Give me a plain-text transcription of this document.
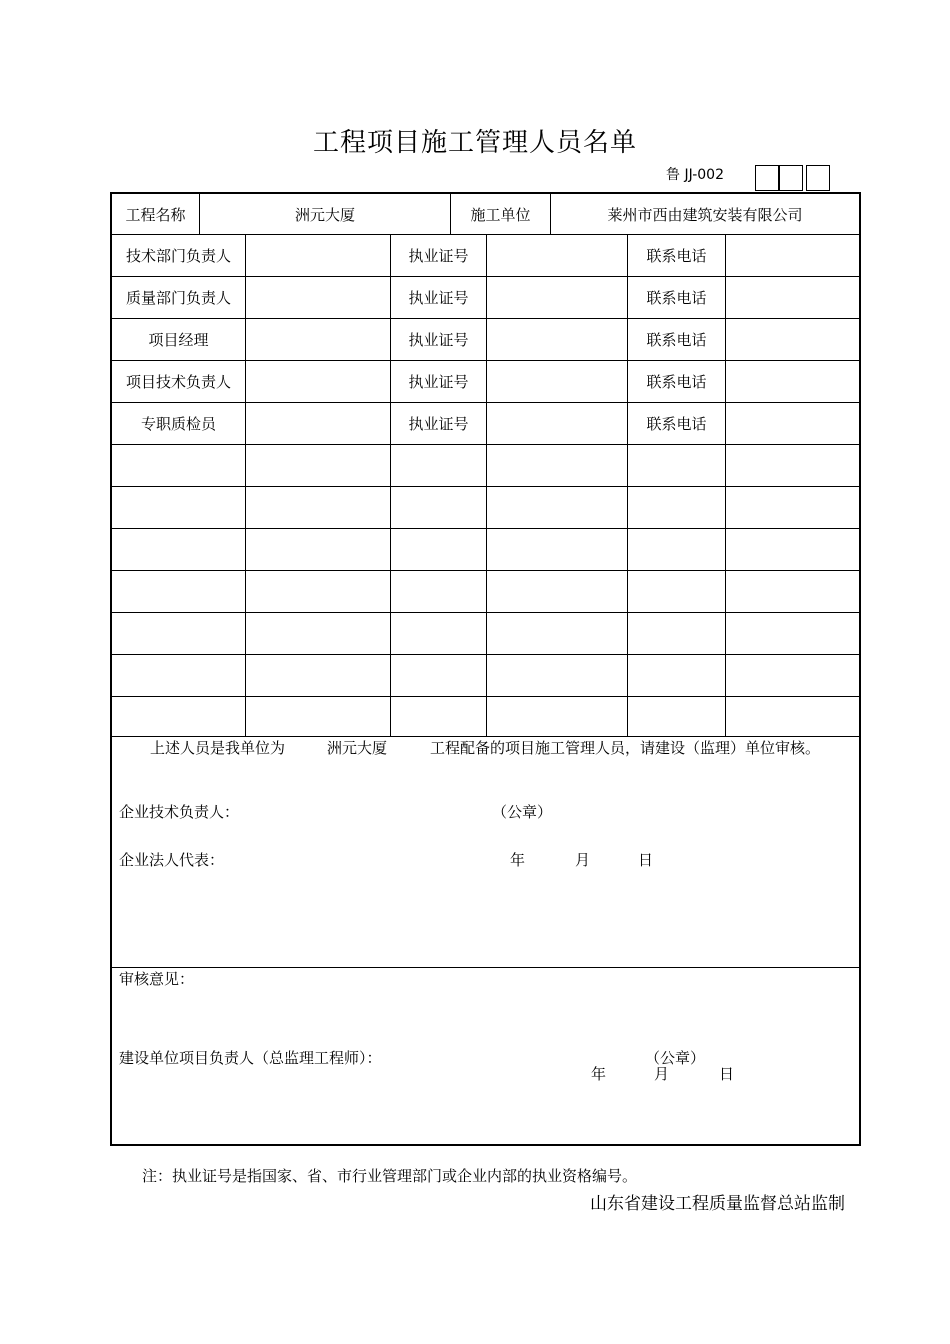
工程项目施工管理人员名单
鲁 JJ-002
工程名称	洲元大厦	施工单位	莱州市西由建筑安装有限公司
技术部门负责人	执业证号	联系电话
质量部门负责人	执业证号	联系电话
项目经理	执业证号	联系电话
项目技术负责人	执业证号	联系电话
专职质检员	执业证号	联系电话
上述人员是我单位为	洲元大厦	工程配备的项目施工管理人员，请建设（监理）单位审核。
企业技术负责人：	（公章）
企业法人代表：	年	月	日
审核意见：
建设单位项目负责人（总监理工程师）：	（公章）
年	月	日
注：执业证号是指国家、省、市行业管理部门或企业内部的执业资格编号。
山东省建设工程质量监督总站监制
